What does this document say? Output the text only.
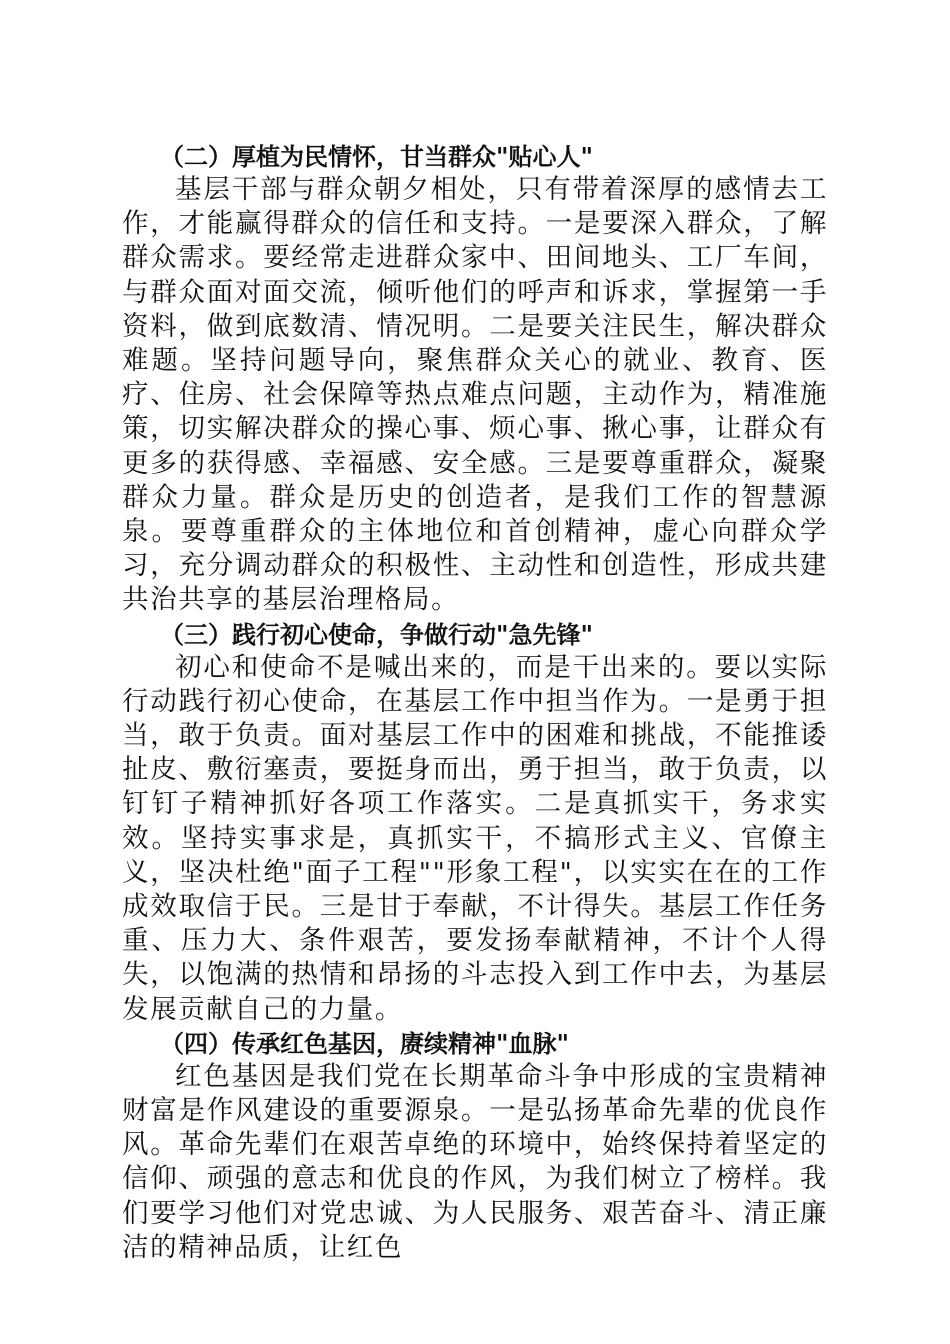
（二）厚植为民情怀，甘当群众"贴心人"

基层干部与群众朝夕相处，只有带着深厚的感情去工作，才能赢得群众的信任和支持。一是要深入群众，了解群众需求。要经常走进群众家中、田间地头、工厂车间，与群众面对面交流，倾听他们的呼声和诉求，掌握第一手资料，做到底数清、情况明。二是要关注民生，解决群众难题。坚持问题导向，聚焦群众关心的就业、教育、医疗、住房、社会保障等热点难点问题，主动作为，精准施策，切实解决群众的操心事、烦心事、揪心事，让群众有更多的获得感、幸福感、安全感。三是要尊重群众，凝聚群众力量。群众是历史的创造者，是我们工作的智慧源泉。要尊重群众的主体地位和首创精神，虚心向群众学习，充分调动群众的积极性、主动性和创造性，形成共建共治共享的基层治理格局。

（三）践行初心使命，争做行动"急先锋"

初心和使命不是喊出来的，而是干出来的。要以实际行动践行初心使命，在基层工作中担当作为。一是勇于担当，敢于负责。面对基层工作中的困难和挑战，不能推诿扯皮、敷衍塞责，要挺身而出，勇于担当，敢于负责，以钉钉子精神抓好各项工作落实。二是真抓实干，务求实效。坚持实事求是，真抓实干，不搞形式主义、官僚主义，坚决杜绝"面子工程""形象工程"，以实实在在的工作成效取信于民。三是甘于奉献，不计得失。基层工作任务重、压力大、条件艰苦，要发扬奉献精神，不计个人得失，以饱满的热情和昂扬的斗志投入到工作中去，为基层发展贡献自己的力量。

（四）传承红色基因，赓续精神"血脉"

红色基因是我们党在长期革命斗争中形成的宝贵精神财富是作风建设的重要源泉。一是弘扬革命先辈的优良作风。革命先辈们在艰苦卓绝的环境中，始终保持着坚定的信仰、顽强的意志和优良的作风，为我们树立了榜样。我们要学习他们对党忠诚、为人民服务、艰苦奋斗、清正廉洁的精神品质，让红色
